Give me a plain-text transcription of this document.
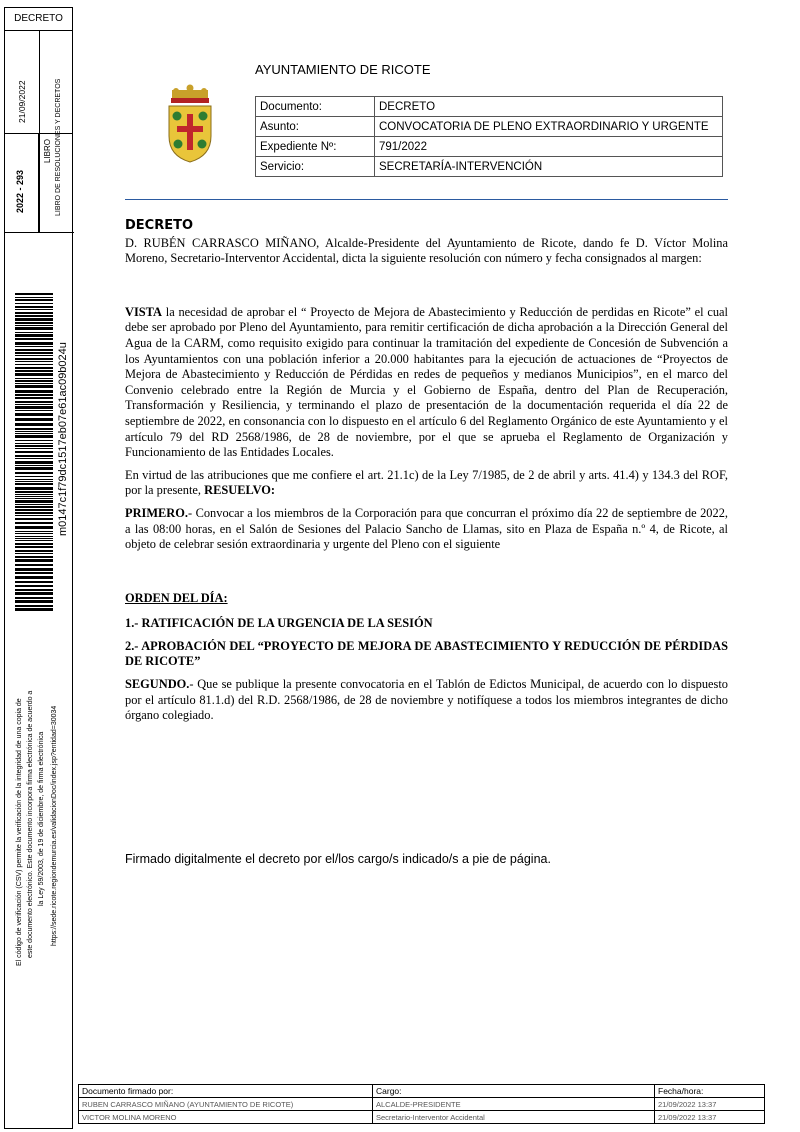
DECRETO
21/09/2022
2022 - 293
LIBRO LIBRO DE RESOLUCIONES Y DECRETOS
m0147c1f79dc1517eb07e61ac09b024u
El código de verificación (CSV) permite la verificación de la integridad de una copia de este documento electrónico. Este documento incorpora firma electrónica de acuerdo a la Ley 59/2003, de 19 de diciembre, de firma electrónica https://sede.ricote.regiondemurcia.es/validacionDoc/index.jsp?entidad=30034
AYUNTAMIENTO DE RICOTE
Documento:	DECRETO
Asunto:	CONVOCATORIA DE PLENO EXTRAORDINARIO Y URGENTE
Expediente Nº:	791/2022
Servicio:	SECRETARÍA-INTERVENCIÓN

DECRETO

D. RUBÉN CARRASCO MIÑANO, Alcalde-Presidente del Ayuntamiento de Ricote, dando fe D. Víctor Molina Moreno, Secretario-Interventor Accidental, dicta la siguiente resolución con número y fecha consignados al margen:

VISTA la necesidad de aprobar el “ Proyecto de Mejora de Abastecimiento y Reducción de perdidas en Ricote” el cual debe ser aprobado por Pleno del Ayuntamiento, para remitir certificación de dicha aprobación a la Dirección General del Agua de la CARM, como requisito exigido para continuar la tramitación del expediente de Concesión de Subvención a los Ayuntamientos con una población inferior a 20.000 habitantes para la ejecución de actuaciones de “Proyectos de Mejora de Abastecimiento y Reducción de Pérdidas en redes de pequeños y medianos Municipios”, en el marco del Convenio celebrado entre la Región de Murcia y el Gobierno de España, dentro del Plan de Recuperación, Transformación y Resiliencia, y terminando el plazo de presentación de la documentación requerida el día 22 de septiembre de 2022, en consonancia con lo dispuesto en el artículo 6 del Reglamento Orgánico de este Ayuntamiento y el artículo 79 del RD 2568/1986, de 28 de noviembre, por el que se aprueba el Reglamento de Organización y Funcionamiento de las Entidades Locales.

En virtud de las atribuciones que me confiere el art. 21.1c) de la Ley 7/1985, de 2 de abril y arts. 41.4) y 134.3 del ROF, por la presente, RESUELVO:

PRIMERO.- Convocar a los miembros de la Corporación para que concurran el próximo día 22 de septiembre de 2022, a las 08:00 horas, en el Salón de Sesiones del Palacio Sancho de Llamas, sito en Plaza de España n.º 4, de Ricote, al objeto de celebrar sesión extraordinaria y urgente del Pleno con el siguiente

ORDEN DEL DÍA:

1.- RATIFICACIÓN DE LA URGENCIA DE LA SESIÓN

2.- APROBACIÓN DEL “PROYECTO DE MEJORA DE ABASTECIMIENTO Y REDUCCIÓN DE PÉRDIDAS DE RICOTE”

SEGUNDO.- Que se publique la presente convocatoria en el Tablón de Edictos Municipal, de acuerdo con lo dispuesto por el artículo 81.1.d) del R.D. 2568/1986, de 28 de noviembre y notifíquese a todos los miembros integrantes de dicho órgano colegiado.

Firmado digitalmente el decreto por el/los cargo/s indicado/s a pie de página.
Documento firmado por:	Cargo:	Fecha/hora:
RUBEN CARRASCO MIÑANO (AYUNTAMIENTO DE RICOTE)	ALCALDE-PRESIDENTE	21/09/2022 13:37
VICTOR MOLINA MORENO	Secretario-Interventor Accidental	21/09/2022 13:37
